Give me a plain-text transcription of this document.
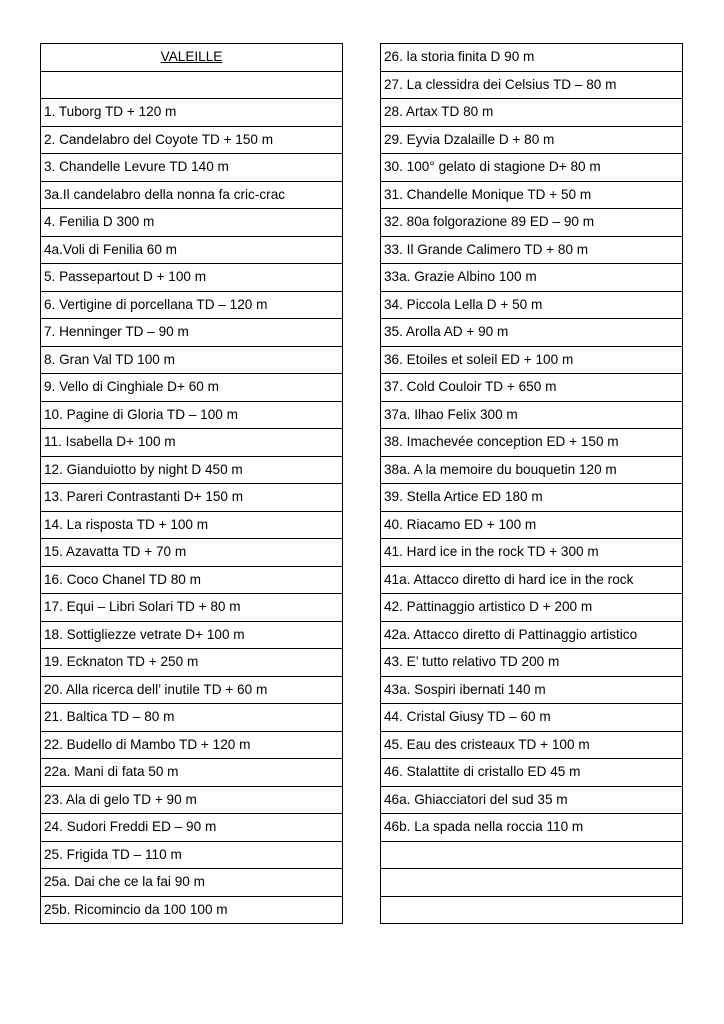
VALEILLE

1. Tuborg TD + 120 m
2. Candelabro del Coyote TD + 150 m
3. Chandelle Levure TD 140 m
3a.Il candelabro della nonna fa cric-crac
4. Fenilia D 300 m
4a.Voli di Fenilia 60 m
5. Passepartout D + 100 m
6. Vertigine di porcellana TD – 120 m
7. Henninger TD – 90 m
8. Gran Val TD 100 m
9. Vello di Cinghiale D+ 60 m
10. Pagine di Gloria TD – 100 m
11. Isabella D+ 100 m
12. Gianduiotto by night D 450 m
13. Pareri Contrastanti D+ 150 m
14. La risposta TD + 100 m
15. Azavatta TD + 70 m
16. Coco Chanel TD 80 m
17. Equi – Libri Solari TD + 80 m
18. Sottigliezze vetrate D+ 100 m
19. Ecknaton TD + 250 m
20. Alla ricerca dell’ inutile TD + 60 m
21. Baltica TD – 80 m
22. Budello di Mambo TD + 120 m
22a. Mani di fata 50 m
23. Ala di gelo TD + 90 m
24. Sudori Freddi ED – 90 m
25. Frigida TD – 110 m
25a. Dai che ce la fai 90 m
25b. Ricomincio da 100 100 m
26. la storia finita D 90 m
27. La clessidra dei Celsius TD – 80 m
28. Artax TD 80 m
29. Eyvia Dzalaille D + 80 m
30. 100° gelato di stagione D+ 80 m
31. Chandelle Monique TD + 50 m
32. 80a folgorazione 89 ED – 90 m
33. Il Grande Calimero TD + 80 m
33a. Grazie Albino 100 m
34. Piccola Lella D + 50 m
35. Arolla AD + 90 m
36. Etoiles et soleil ED + 100 m
37. Cold Couloir TD + 650 m
37a. Ilhao Felix 300 m
38. Imachevée conception ED + 150 m
38a. A la memoire du bouquetin 120 m
39. Stella Artice ED 180 m
40. Riacamo ED + 100 m
41. Hard ice in the rock TD + 300 m
41a. Attacco diretto di hard ice in the rock
42. Pattinaggio artistico D + 200 m
42a. Attacco diretto di Pattinaggio artistico
43. E’ tutto relativo TD 200 m
43a. Sospiri ibernati 140 m
44. Cristal Giusy TD – 60 m
45. Eau des cristeaux TD + 100 m
46. Stalattite di cristallo ED 45 m
46a. Ghiacciatori del sud 35 m
46b. La spada nella roccia 110 m
